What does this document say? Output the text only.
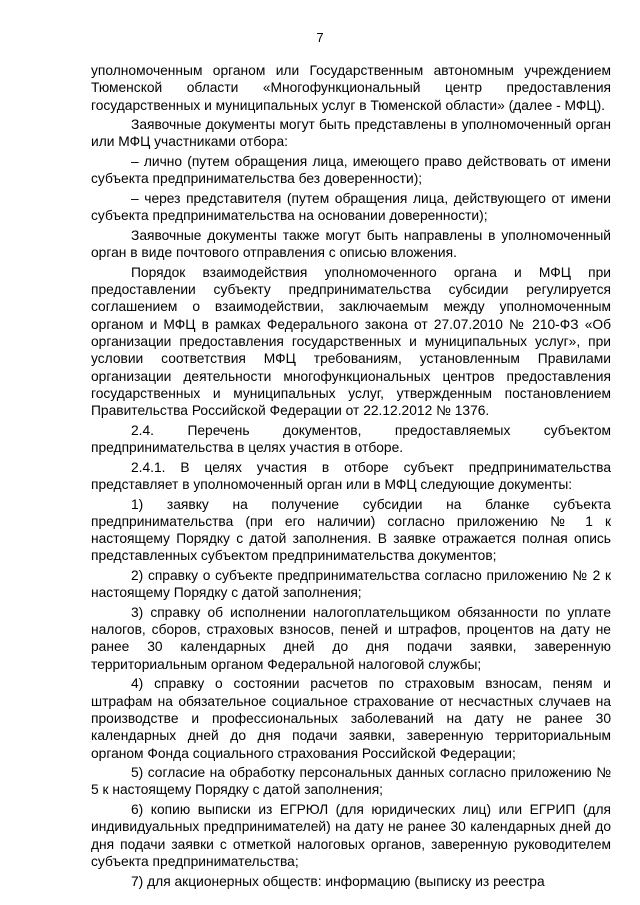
7

уполномоченным органом или Государственным автономным учреждением Тюменской области «Многофункциональный центр предоставления государственных и муниципальных услуг в Тюменской области» (далее - МФЦ).

Заявочные документы могут быть представлены в уполномоченный орган или МФЦ участниками отбора:

– лично (путем обращения лица, имеющего право действовать от имени субъекта предпринимательства без доверенности);

– через представителя (путем обращения лица, действующего от имени субъекта предпринимательства на основании доверенности);

Заявочные документы также могут быть направлены в уполномоченный орган в виде почтового отправления с описью вложения.

Порядок взаимодействия уполномоченного органа и МФЦ при предоставлении субъекту предпринимательства субсидии регулируется соглашением о взаимодействии, заключаемым между уполномоченным органом и МФЦ в рамках Федерального закона от 27.07.2010 № 210-ФЗ «Об организации предоставления государственных и муниципальных услуг», при условии соответствия МФЦ требованиям, установленным Правилами организации деятельности многофункциональных центров предоставления государственных и муниципальных услуг, утвержденным постановлением Правительства Российской Федерации от 22.12.2012 № 1376.

2.4. Перечень документов, предоставляемых субъектом предпринимательства в целях участия в отборе.

2.4.1. В целях участия в отборе субъект предпринимательства представляет в уполномоченный орган или в МФЦ следующие документы:

1) заявку на получение субсидии на бланке субъекта предпринимательства (при его наличии) согласно приложению № 1 к настоящему Порядку с датой заполнения. В заявке отражается полная опись представленных субъектом предпринимательства документов;

2) справку о субъекте предпринимательства согласно приложению № 2 к настоящему Порядку с датой заполнения;

3) справку об исполнении налогоплательщиком обязанности по уплате налогов, сборов, страховых взносов, пеней и штрафов, процентов на дату не ранее 30 календарных дней до дня подачи заявки, заверенную территориальным органом Федеральной налоговой службы;

4) справку о состоянии расчетов по страховым взносам, пеням и штрафам на обязательное социальное страхование от несчастных случаев на производстве и профессиональных заболеваний на дату не ранее 30 календарных дней до дня подачи заявки, заверенную территориальным органом Фонда социального страхования Российской Федерации;

5) согласие на обработку персональных данных согласно приложению № 5 к настоящему Порядку с датой заполнения;

6) копию выписки из ЕГРЮЛ (для юридических лиц) или ЕГРИП (для индивидуальных предпринимателей) на дату не ранее 30 календарных дней до дня подачи заявки с отметкой налоговых органов, заверенную руководителем субъекта предпринимательства;

7) для акционерных обществ: информацию (выписку из реестра
